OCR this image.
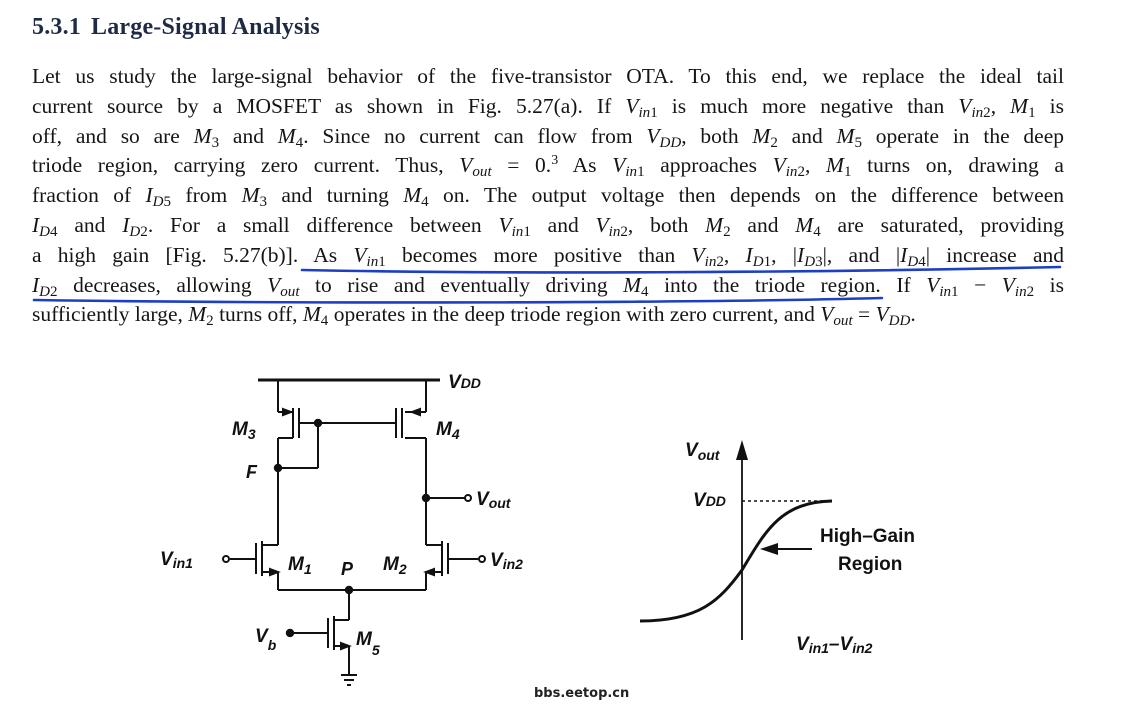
5.3.1 Large-Signal Analysis
Let us study the large-signal behavior of the five-transistor OTA. To this end, we replace the ideal tail
current source by a MOSFET as shown in Fig. 5.27(a). If $V_{in1}$ is much more negative than $V_{in2}$, $M_1$ is
off, and so are $M_3$ and $M_4$. Since no current can flow from $V_{DD}$, both $M_2$ and $M_5$ operate in the deep
triode region, carrying zero current. Thus, $V_{out} = 0.^3$ As $V_{in1}$ approaches $V_{in2}$, $M_1$ turns on, drawing a
fraction of $I_{D5}$ from $M_3$ and turning $M_4$ on. The output voltage then depends on the difference between
$I_{D4}$ and $I_{D2}$. For a small difference between $V_{in1}$ and $V_{in2}$, both $M_2$ and $M_4$ are saturated, providing
a high gain [Fig. 5.27(b)]. As $V_{in1}$ becomes more positive than $V_{in2}$, $I_{D1}$, $|I_{D3}|$, and $|I_{D4}|$ increase and
$I_{D2}$ decreases, allowing $V_{out}$ to rise and eventually driving $M_4$ into the triode region. If $V_{in1} - V_{in2}$ is
sufficiently large, $M_2$ turns off, $M_4$ operates in the deep triode region with zero current, and $V_{out} = V_{DD}$.
VDD
$M_3$	$M_4$
F
Vout
Vin1	$M_1$ P $M_2$	Vin2
$V_b$	$M_5$
$V_{out}$
VDD
High–Gain
Region
Vin1–Vin2
bbs.eetop.cn
